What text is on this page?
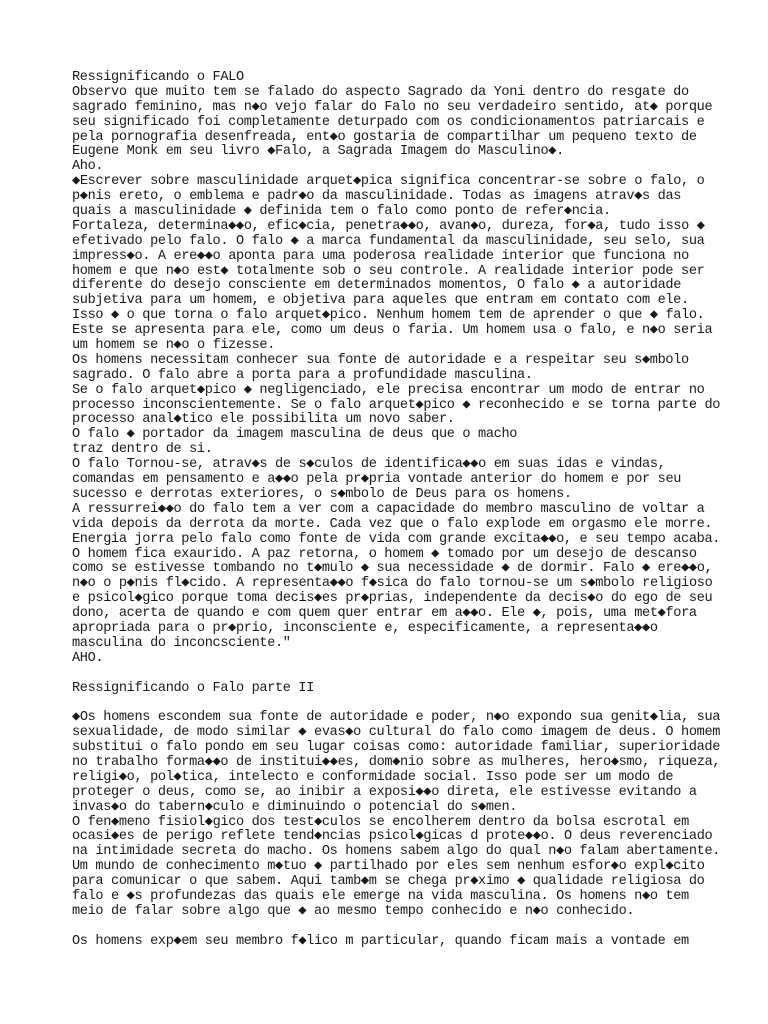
Ressignificando o FALO
Observo que muito tem se falado do aspecto Sagrado da Yoni dentro do resgate do
sagrado feminino, mas n◆o vejo falar do Falo no seu verdadeiro sentido, at◆ porque
seu significado foi completamente deturpado com os condicionamentos patriarcais e
pela pornografia desenfreada, ent◆o gostaria de compartilhar um pequeno texto de
Eugene Monk em seu livro ◆Falo, a Sagrada Imagem do Masculino◆.
Aho.
◆Escrever sobre masculinidade arquet◆pica significa concentrar-se sobre o falo, o
p◆nis ereto, o emblema e padr◆o da masculinidade. Todas as imagens atrav◆s das
quais a masculinidade ◆ definida tem o falo como ponto de refer◆ncia.
Fortaleza, determina◆◆o, efic◆cia, penetra◆◆o, avan◆o, dureza, for◆a, tudo isso ◆
efetivado pelo falo. O falo ◆ a marca fundamental da masculinidade, seu selo, sua
impress◆o. A ere◆◆o aponta para uma poderosa realidade interior que funciona no
homem e que n◆o est◆ totalmente sob o seu controle. A realidade interior pode ser
diferente do desejo consciente em determinados momentos, O falo ◆ a autoridade
subjetiva para um homem, e objetiva para aqueles que entram em contato com ele.
Isso ◆ o que torna o falo arquet◆pico. Nenhum homem tem de aprender o que ◆ falo.
Este se apresenta para ele, como um deus o faria. Um homem usa o falo, e n◆o seria
um homem se n◆o o fizesse.
Os homens necessitam conhecer sua fonte de autoridade e a respeitar seu s◆mbolo
sagrado. O falo abre a porta para a profundidade masculina.
Se o falo arquet◆pico ◆ negligenciado, ele precisa encontrar um modo de entrar no
processo inconscientemente. Se o falo arquet◆pico ◆ reconhecido e se torna parte do
processo anal◆tico ele possibilita um novo saber.
O falo ◆ portador da imagem masculina de deus que o macho
traz dentro de si.
O falo Tornou-se, atrav◆s de s◆culos de identifica◆◆o em suas idas e vindas,
comandas em pensamento e a◆◆o pela pr◆pria vontade anterior do homem e por seu
sucesso e derrotas exteriores, o s◆mbolo de Deus para os homens.
A ressurrei◆◆o do falo tem a ver com a capacidade do membro masculino de voltar a
vida depois da derrota da morte. Cada vez que o falo explode em orgasmo ele morre.
Energia jorra pelo falo como fonte de vida com grande excita◆◆o, e seu tempo acaba.
O homem fica exaurido. A paz retorna, o homem ◆ tomado por um desejo de descanso
como se estivesse tombando no t◆mulo ◆ sua necessidade ◆ de dormir. Falo ◆ ere◆◆o,
n◆o o p◆nis fl◆cido. A representa◆◆o f◆sica do falo tornou-se um s◆mbolo religioso
e psicol◆gico porque toma decis◆es pr◆prias, independente da decis◆o do ego de seu
dono, acerta de quando e com quem quer entrar em a◆◆o. Ele ◆, pois, uma met◆fora
apropriada para o pr◆prio, inconsciente e, especificamente, a representa◆◆o
masculina do inconcsciente."
AHO.
Ressignificando o Falo parte II
◆Os homens escondem sua fonte de autoridade e poder, n◆o expondo sua genit◆lia, sua
sexualidade, de modo similar ◆ evas◆o cultural do falo como imagem de deus. O homem
substitui o falo pondo em seu lugar coisas como: autoridade familiar, superioridade
no trabalho forma◆◆o de institui◆◆es, dom◆nio sobre as mulheres, hero◆smo, riqueza,
religi◆o, pol◆tica, intelecto e conformidade social. Isso pode ser um modo de
proteger o deus, como se, ao inibir a exposi◆◆o direta, ele estivesse evitando a
invas◆o do tabern◆culo e diminuindo o potencial do s◆men.
O fen◆meno fisiol◆gico dos test◆culos se encolherem dentro da bolsa escrotal em
ocasi◆es de perigo reflete tend◆ncias psicol◆gicas d prote◆◆o. O deus reverenciado
na intimidade secreta do macho. Os homens sabem algo do qual n◆o falam abertamente.
Um mundo de conhecimento m◆tuo ◆ partilhado por eles sem nenhum esfor◆o expl◆cito
para comunicar o que sabem. Aqui tamb◆m se chega pr◆ximo ◆ qualidade religiosa do
falo e ◆s profundezas das quais ele emerge na vida masculina. Os homens n◆o tem
meio de falar sobre algo que ◆ ao mesmo tempo conhecido e n◆o conhecido.
Os homens exp◆em seu membro f◆lico m particular, quando ficam mais a vontade em
